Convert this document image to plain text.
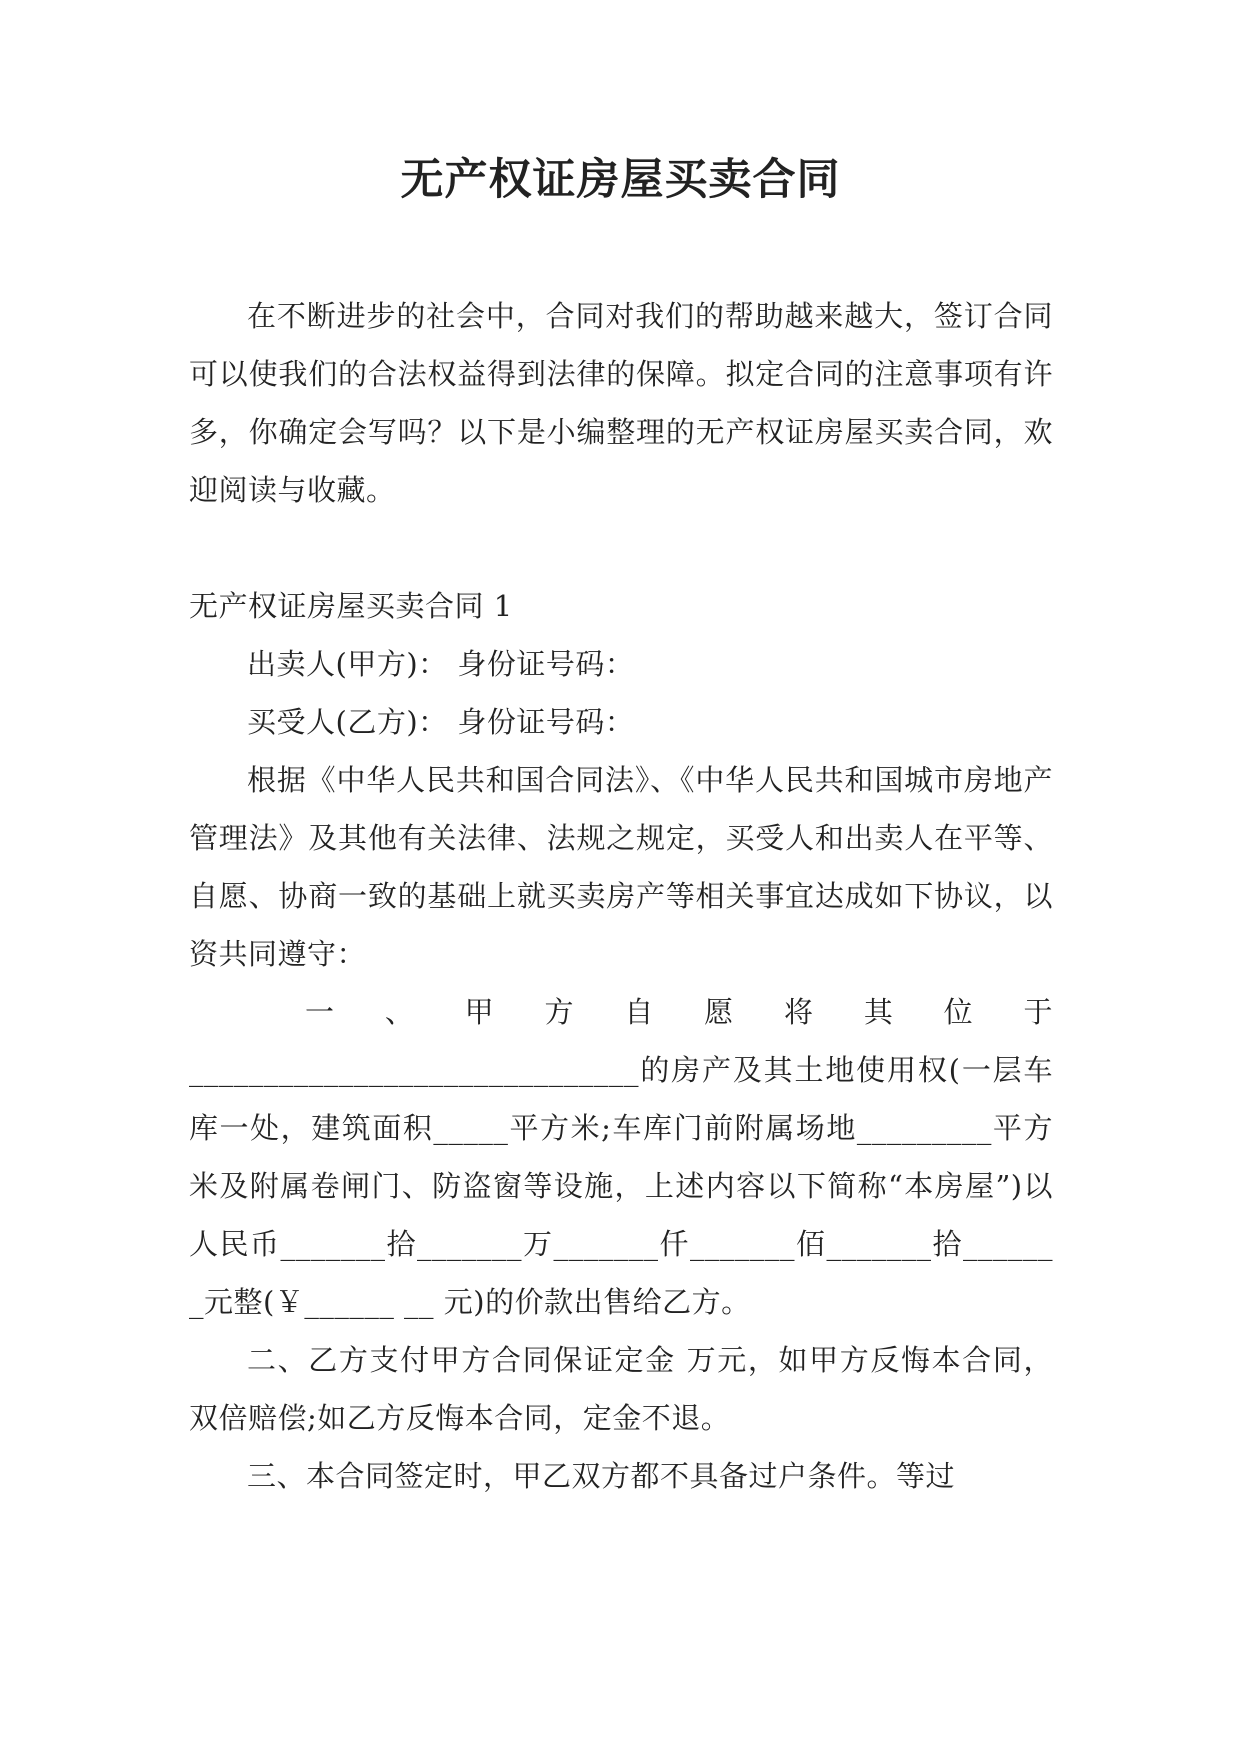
无产权证房屋买卖合同

在不断进步的社会中，合同对我们的帮助越来越大，签订合同可以使我们的合法权益得到法律的保障。拟定合同的注意事项有许多，你确定会写吗？以下是小编整理的无产权证房屋买卖合同，欢迎阅读与收藏。

无产权证房屋买卖合同 1

出卖人(甲方)： 身份证号码：

买受人(乙方)： 身份证号码：

根据《中华人民共和国合同法》、《中华人民共和国城市房地产管理法》及其他有关法律、法规之规定，买受人和出卖人在平等、自愿、协商一致的基础上就买卖房产等相关事宜达成如下协议，以资共同遵守：

一 、 甲 方 自 愿 将 其 位 于
______________________________的房产及其土地使用权(一层车库一处，建筑面积_____平方米;车库门前附属场地_________平方米及附属卷闸门、防盗窗等设施，上述内容以下简称“本房屋”)以人民币_______拾_______万_______仟_______佰_______拾_______元整(￥______ __ 元)的价款出售给乙方。

二、乙方支付甲方合同保证定金 万元，如甲方反悔本合同，双倍赔偿;如乙方反悔本合同，定金不退。

三、本合同签定时，甲乙双方都不具备过户条件。等过
